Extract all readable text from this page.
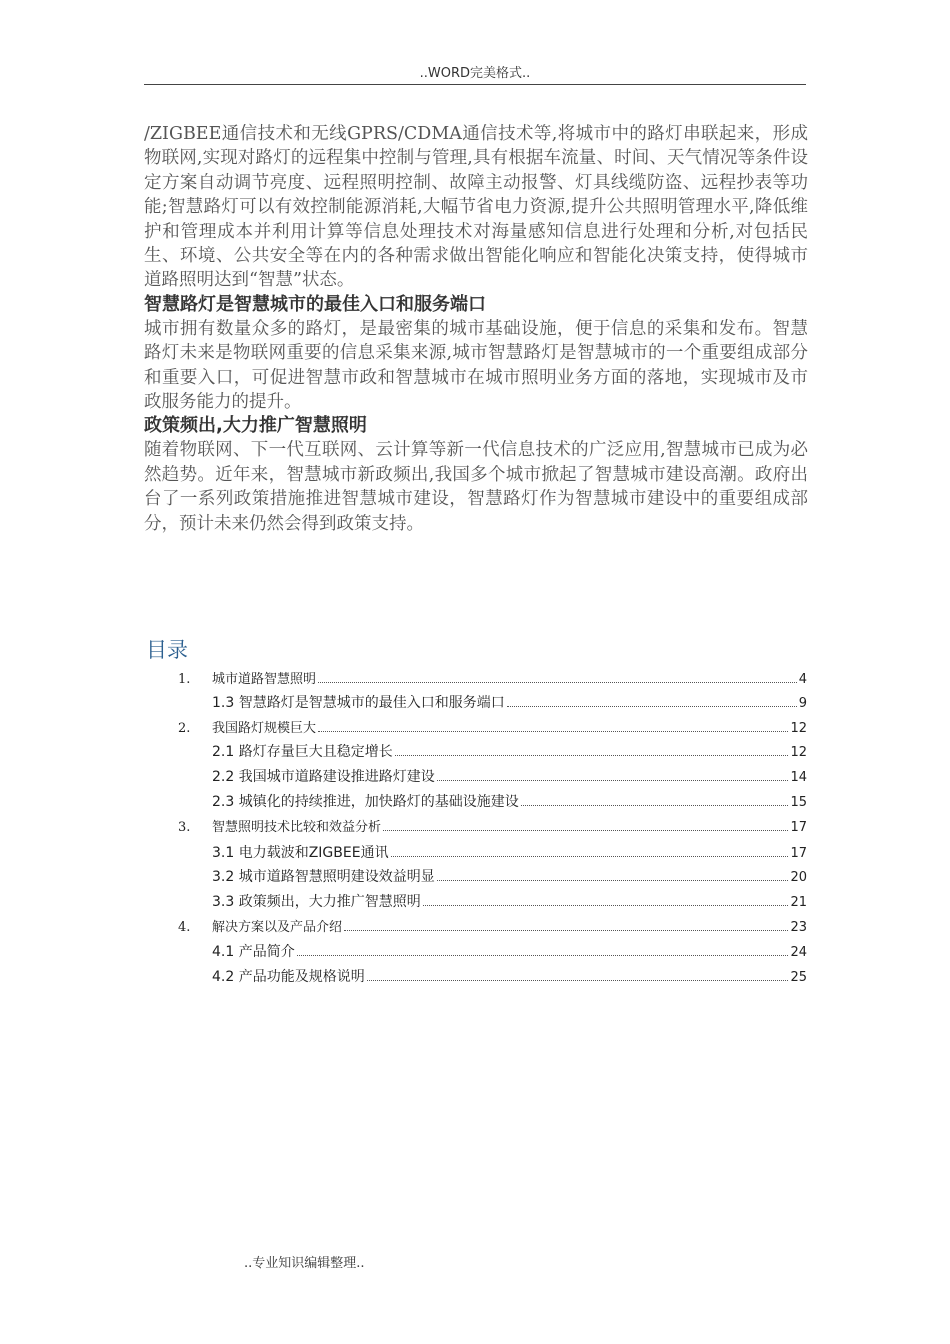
..WORD完美格式..

/ZIGBEE通信技术和无线GPRS/CDMA通信技术等,将城市中的路灯串联起来，形成物联网,实现对路灯的远程集中控制与管理,具有根据车流量、时间、天气情况等条件设定方案自动调节亮度、远程照明控制、故障主动报警、灯具线缆防盗、远程抄表等功能;智慧路灯可以有效控制能源消耗,大幅节省电力资源,提升公共照明管理水平,降低维护和管理成本并利用计算等信息处理技术对海量感知信息进行处理和分析,对包括民生、环境、公共安全等在内的各种需求做出智能化响应和智能化决策支持，使得城市道路照明达到“智慧”状态。

智慧路灯是智慧城市的最佳入口和服务端口

城市拥有数量众多的路灯，是最密集的城市基础设施，便于信息的采集和发布。智慧路灯未来是物联网重要的信息采集来源,城市智慧路灯是智慧城市的一个重要组成部分和重要入口，可促进智慧市政和智慧城市在城市照明业务方面的落地，实现城市及市政服务能力的提升。

政策频出,大力推广智慧照明

随着物联网、下一代互联网、云计算等新一代信息技术的广泛应用,智慧城市已成为必然趋势。近年来，智慧城市新政频出,我国多个城市掀起了智慧城市建设高潮。政府出台了一系列政策措施推进智慧城市建设，智慧路灯作为智慧城市建设中的重要组成部分，预计未来仍然会得到政策支持。

目录
1.	城市道路智慧照明	4
1.3 智慧路灯是智慧城市的最佳入口和服务端口	9
2.	我国路灯规模巨大	12
2.1 路灯存量巨大且稳定增长	12
2.2 我国城市道路建设推进路灯建设	14
2.3 城镇化的持续推进，加快路灯的基础设施建设	15
3.	智慧照明技术比较和效益分析	17
3.1 电力载波和ZIGBEE通讯	17
3.2 城市道路智慧照明建设效益明显	20
3.3 政策频出，大力推广智慧照明	21
4.	解决方案以及产品介绍	23
4.1 产品简介	24
4.2 产品功能及规格说明	25
..专业知识编辑整理..
